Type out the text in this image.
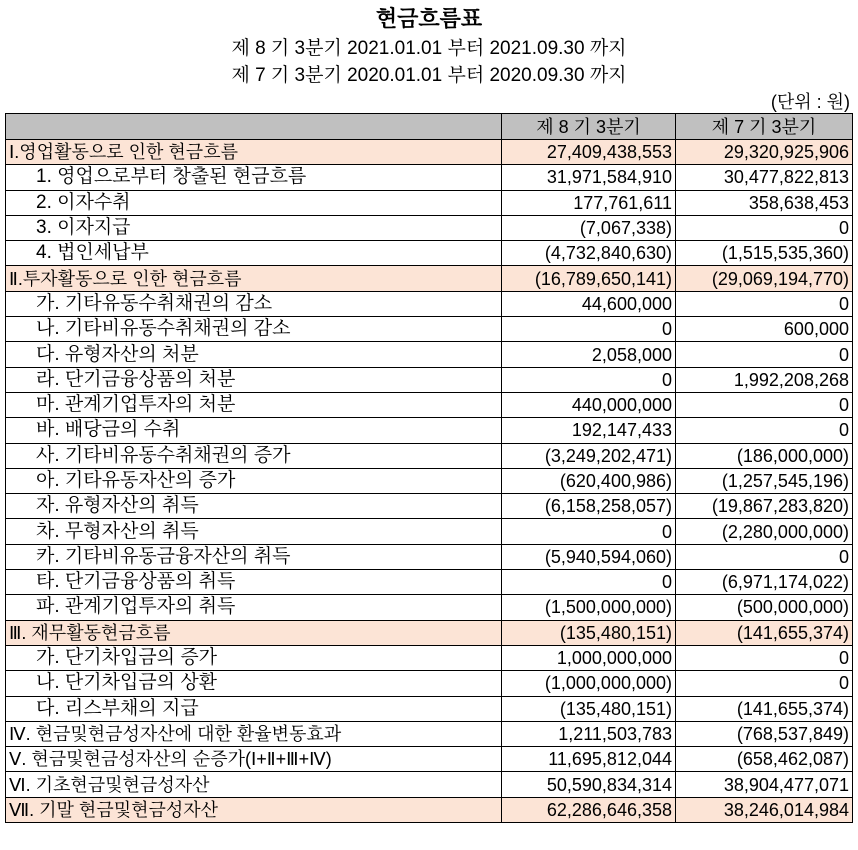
현금흐름표
제 8 기 3분기 2021.01.01 부터 2021.09.30 까지
제 7 기 3분기 2020.01.01 부터 2020.09.30 까지
(단위 : 원)
	제 8 기 3분기	제 7 기 3분기
Ⅰ.영업활동으로 인한 현금흐름	27,409,438,553	29,320,925,906
1. 영업으로부터 창출된 현금흐름	31,971,584,910	30,477,822,813
2. 이자수취	177,761,611	358,638,453
3. 이자지급	(7,067,338)	0
4. 법인세납부	(4,732,840,630)	(1,515,535,360)
Ⅱ.투자활동으로 인한 현금흐름	(16,789,650,141)	(29,069,194,770)
가. 기타유동수취채권의 감소	44,600,000	0
나. 기타비유동수취채권의 감소	0	600,000
다. 유형자산의 처분	2,058,000	0
라. 단기금융상품의 처분	0	1,992,208,268
마. 관계기업투자의 처분	440,000,000	0
바. 배당금의 수취	192,147,433	0
사. 기타비유동수취채권의 증가	(3,249,202,471)	(186,000,000)
아. 기타유동자산의 증가	(620,400,986)	(1,257,545,196)
자. 유형자산의 취득	(6,158,258,057)	(19,867,283,820)
차. 무형자산의 취득	0	(2,280,000,000)
카. 기타비유동금융자산의 취득	(5,940,594,060)	0
타. 단기금융상품의 취득	0	(6,971,174,022)
파. 관계기업투자의 취득	(1,500,000,000)	(500,000,000)
Ⅲ. 재무활동현금흐름	(135,480,151)	(141,655,374)
가. 단기차입금의 증가	1,000,000,000	0
나. 단기차입금의 상환	(1,000,000,000)	0
다. 리스부채의 지급	(135,480,151)	(141,655,374)
Ⅳ. 현금및현금성자산에 대한 환율변동효과	1,211,503,783	(768,537,849)
Ⅴ. 현금및현금성자산의 순증가(Ⅰ+Ⅱ+Ⅲ+Ⅳ)	11,695,812,044	(658,462,087)
Ⅵ. 기초현금및현금성자산	50,590,834,314	38,904,477,071
Ⅶ. 기말 현금및현금성자산	62,286,646,358	38,246,014,984
